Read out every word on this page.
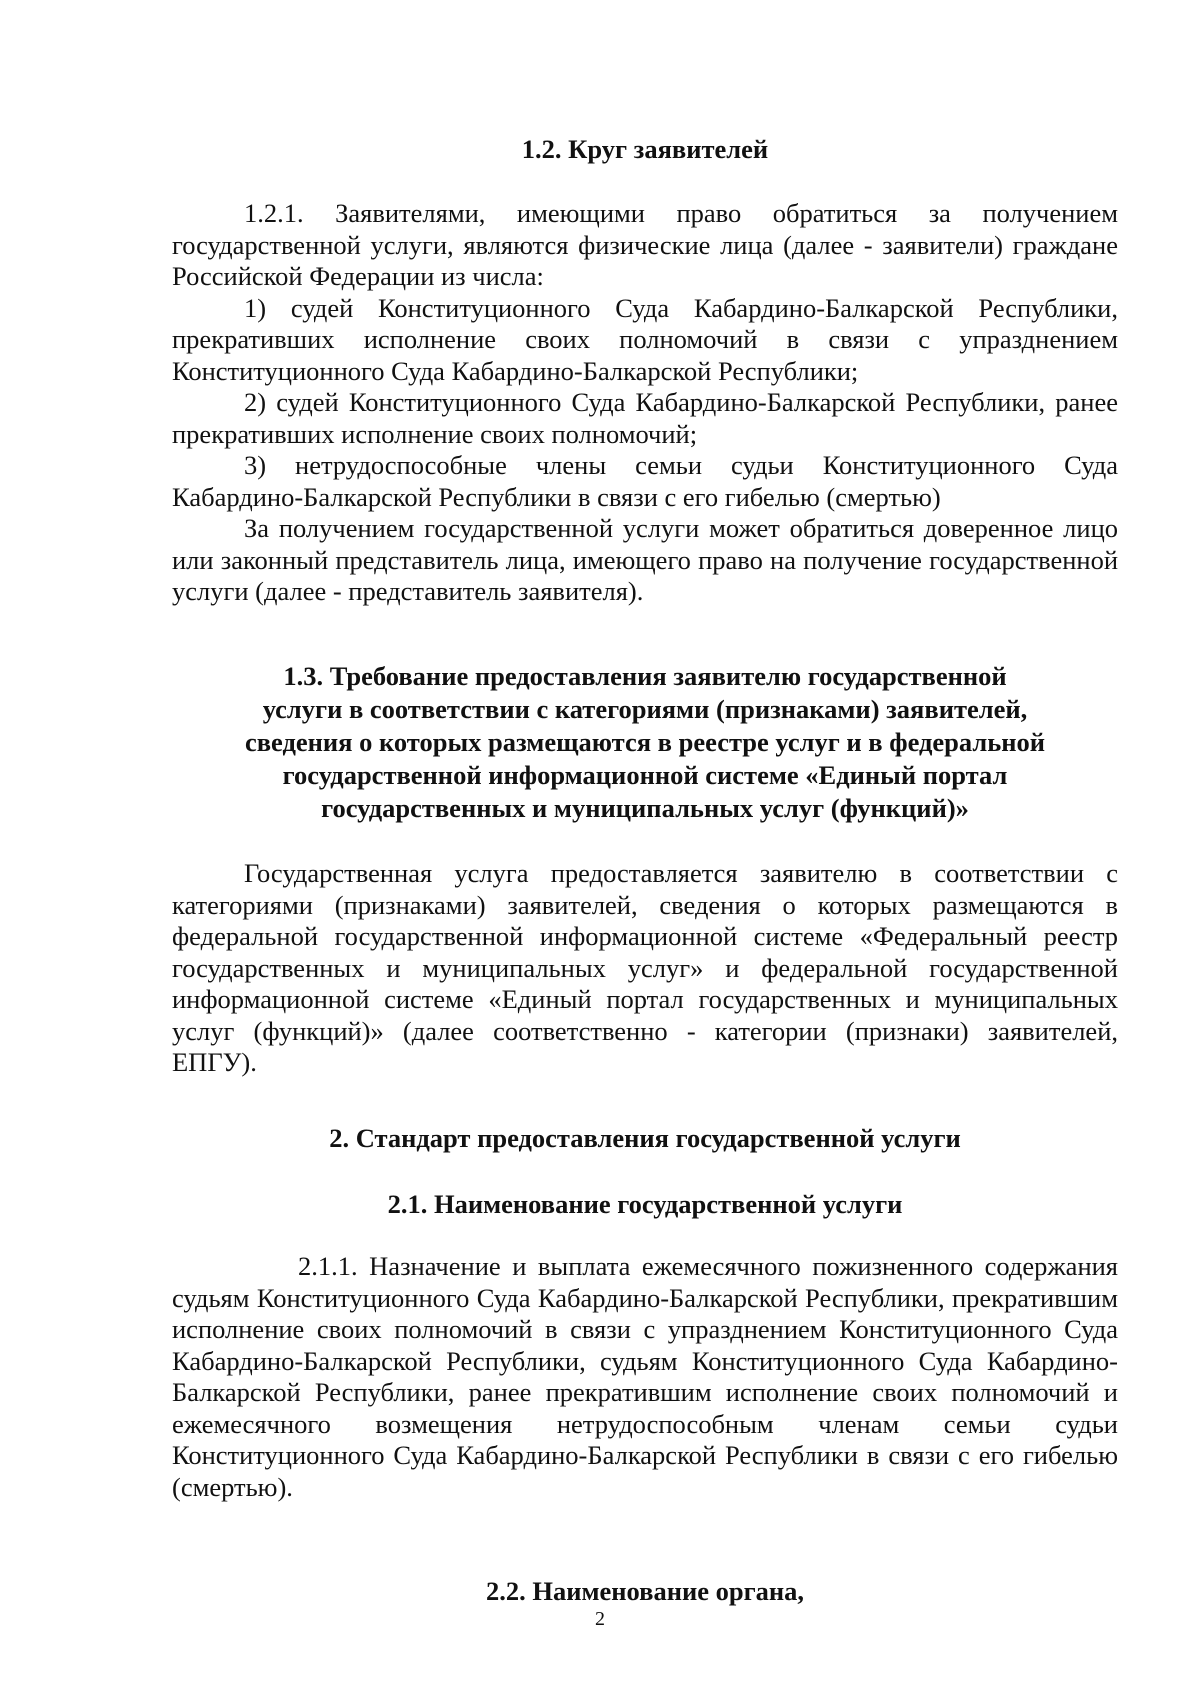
1.2. Круг заявителей

1.2.1. Заявителями, имеющими право обратиться за получением государственной услуги, являются физические лица (далее - заявители) граждане Российской Федерации из числа:

1) судей Конституционного Суда Кабардино-Балкарской Республики, прекративших исполнение своих полномочий в связи с упразднением Конституционного Суда Кабардино-Балкарской Республики;

2) судей Конституционного Суда Кабардино-Балкарской Республики, ранее прекративших исполнение своих полномочий;

3) нетрудоспособные члены семьи судьи Конституционного Суда Кабардино-Балкарской Республики в связи с его гибелью (смертью)

За получением государственной услуги может обратиться доверенное лицо или законный представитель лица, имеющего право на получение государственной услуги (далее - представитель заявителя).

1.3. Требование предоставления заявителю государственной
услуги в соответствии с категориями (признаками) заявителей,
сведения о которых размещаются в реестре услуг и в федеральной
государственной информационной системе «Единый портал
государственных и муниципальных услуг (функций)»

Государственная услуга предоставляется заявителю в соответствии с категориями (признаками) заявителей, сведения о которых размещаются в федеральной государственной информационной системе «Федеральный реестр государственных и муниципальных услуг» и федеральной государственной информационной системе «Единый портал государственных и муниципальных услуг (функций)» (далее соответственно - категории (признаки) заявителей, ЕПГУ).

2. Стандарт предоставления государственной услуги
2.1. Наименование государственной услуги

2.1.1. Назначение и выплата ежемесячного пожизненного содержания судьям Конституционного Суда Кабардино-Балкарской Республики, прекратившим исполнение своих полномочий в связи с упразднением Конституционного Суда Кабардино-Балкарской Республики, судьям Конституционного Суда Кабардино-Балкарской Республики, ранее прекратившим исполнение своих полномочий и ежемесячного возмещения нетрудоспособным членам семьи судьи Конституционного Суда Кабардино-Балкарской Республики в связи с его гибелью (смертью).

2.2. Наименование органа,
2
